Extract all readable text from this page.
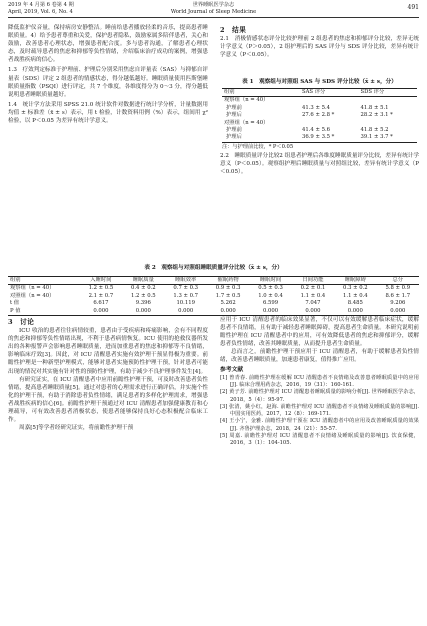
2019 年 4 月第 6 卷第 4 期
April, 2019, Vol. 6, No. 4
世界睡眠医学杂志
World Journal of Sleep Medicine
491

降低监护仪音量，保持病房安静整洁。睡前给患者播放轻柔的音乐，提高患者睡眠质量。4）给予患者尊重和关爱，保护患者隐私，鼓励家属多陪伴患者，关心和鼓励，改善患者心理状态，增强患者配合度。多与患者沟通，了解患者心理状态，及时疏导患者的焦虑和抑郁等负性情绪，介绍临床治疗成功的案例，增强患者战胜疾病的信心。

1.3　疗效判定标准于护理前、护理后分别采用焦虑自评量表（SAS）与抑郁自评量表（SDS）评定 2 组患者的情感状态，得分越低越好。睡眠质量使用匹斯堡睡眠质量指数（PSQI）进行评定，共 7 个维度，各维度得分为 0～3 分，得分越低说明患者睡眠质量越好。

1.4　统计学方法采用 SPSS 21.0 统计软件对数据进行统计学分析，计量数据用均值 ± 标准差（x̄ ± s）表示，用 t 检验，计数资料用例（%）表示，组间用 χ² 检验，以 P＜0.05 为差异有统计学意义。

2　结果

2.1　消极情感状态评分比较护理前 2 组患者的焦虑和抑郁评分比较，差异无统计学意义（P＞0.05），2 组护理后的 SAS 评分与 SDS 评分比较，差异有统计学意义（P＜0.05）。

表 1　观察组与对照组 SAS 与 SDS 评分比较（x̄ ± s，分）
组别	SAS 评分	SDS 评分
观察组（n = 40）		
护理前	41.3 ± 5.4	41.8 ± 5.1
护理后	27.6 ± 2.8 *	28.2 ± 3.1 *
对照组（n = 40）		
护理前	41.4 ± 5.6	41.8 ± 5.2
护理后	36.9 ± 3.5 *	39.1 ± 3.7 *
注：与护理前比较，* P＜0.05

2.2　睡眠质量评分比较2 组患者护理后各维度睡眠质量评分比较，差异有统计学意义（P＜0.05）。观察组护理后睡眠质量与对照组比较，差异有统计学意义（P＜0.05）。

表 2　观察组与对照组睡眠质量评分比较（x̄ ± s，分）
组别	入睡时间	睡眠质量	睡眠效率	催眠药物	睡眠时间	日间功能	睡眠障碍	总分
观察组（n = 40）	1.2 ± 0.5	0.4 ± 0.2	0.7 ± 0.3	0.9 ± 0.3	0.5 ± 0.3	0.2 ± 0.1	0.3 ± 0.2	5.8 ± 0.9
对照组（n = 40）	2.1 ± 0.7	1.2 ± 0.5	1.3 ± 0.7	1.7 ± 0.5	1.0 ± 0.4	1.1 ± 0.4	1.1 ± 0.4	8.6 ± 1.7
t 值	6.617	9.396	10.119	5.262	6.599	7.047	8.485	9.206
P 值	0.000	0.000	0.000	0.000	0.000	0.000	0.000	0.000
3　讨论

ICU 收治的患者往往病情较重，患者由于受疾病和疼痛影响，会有不同程度的焦虑和抑郁等负性情绪出现，不利于患者病情恢复。ICU 使用的抢救仪器所发出的各种报警声会影响患者睡眠质量，进而加重患者的焦虑和抑郁等不良情绪，影响临床疗效[3]。因此，对 ICU 清醒患者实施有效护理干预显得极为重要。前瞻性护理是一种新型护理模式，能够对患者实施预防性护理干预，针对患者可能出现的情况对其实施有针对性的预防性护理，有助于减少不良护理事件发生[4]。

有研究证实，在 ICU 清醒患者中应用前瞻性护理干预，可及时改善患者负性情绪，提高患者睡眠质量[5]。通过对患者的心理需求进行正确评估，并实施个性化的护理干预，有助于消除患者负性情绪，满足患者的多样化护理需求，增强患者战胜疾病的信心[6]。前瞻性护理干预通过对 ICU 清醒患者加强健康教育和心理疏导，可有效改善患者消极状态，使患者能够保持良好心态积极配合临床工作。

周嘉[5]等学者经研究证实，将前瞻性护理干预

应用于 ICU 清醒患者的临床效果显著，不仅可以有效缓解患者临床症状，缓解患者不良情绪，且有助于减轻患者睡眠障碍，提高患者生命质量。本研究说明前瞻性护理在 ICU 清醒患者中的应用，可有效降低患者的焦虑和抑郁评分，缓解患者负性情绪，改善其睡眠质量，从而提升患者生命质量。

总而言之，前瞻性护理干预应用于 ICU 清醒患者，有助于缓解患者负性情绪，改善患者睡眠质量，加速患者康复，值得推广应用。

参考文献
[1] 曾青春. 前瞻性护理在缓解 ICU 清醒患者不良情绪及改善患者睡眠质量中的应用[J]. 临床合理用药杂志，2016，19（31）：160-161.
[2] 黄子芳. 前瞻性护理对 ICU 清醒患者睡眠质量的影响分析[J]. 世界睡眠医学杂志，2018，5（4）：95-97.
[3] 张清，姚小红，赵海. 前瞻性护理对 ICU 清醒患者不良情绪及睡眠质量的影响[J]. 中国实用医药，2017，12（8）：169-171.
[4] 王小宁，金雅. 前瞻性护理干预在 ICU 清醒患者中的应用及改善睡眠质量的效果[J]. 齐鲁护理杂志，2018，24（21）：55-57.
[5] 周嘉. 前瞻性护理对 ICU 清醒患者不良情绪及睡眠质量的影响[J]. 饮食保健，2016，3（1）：104-105.
